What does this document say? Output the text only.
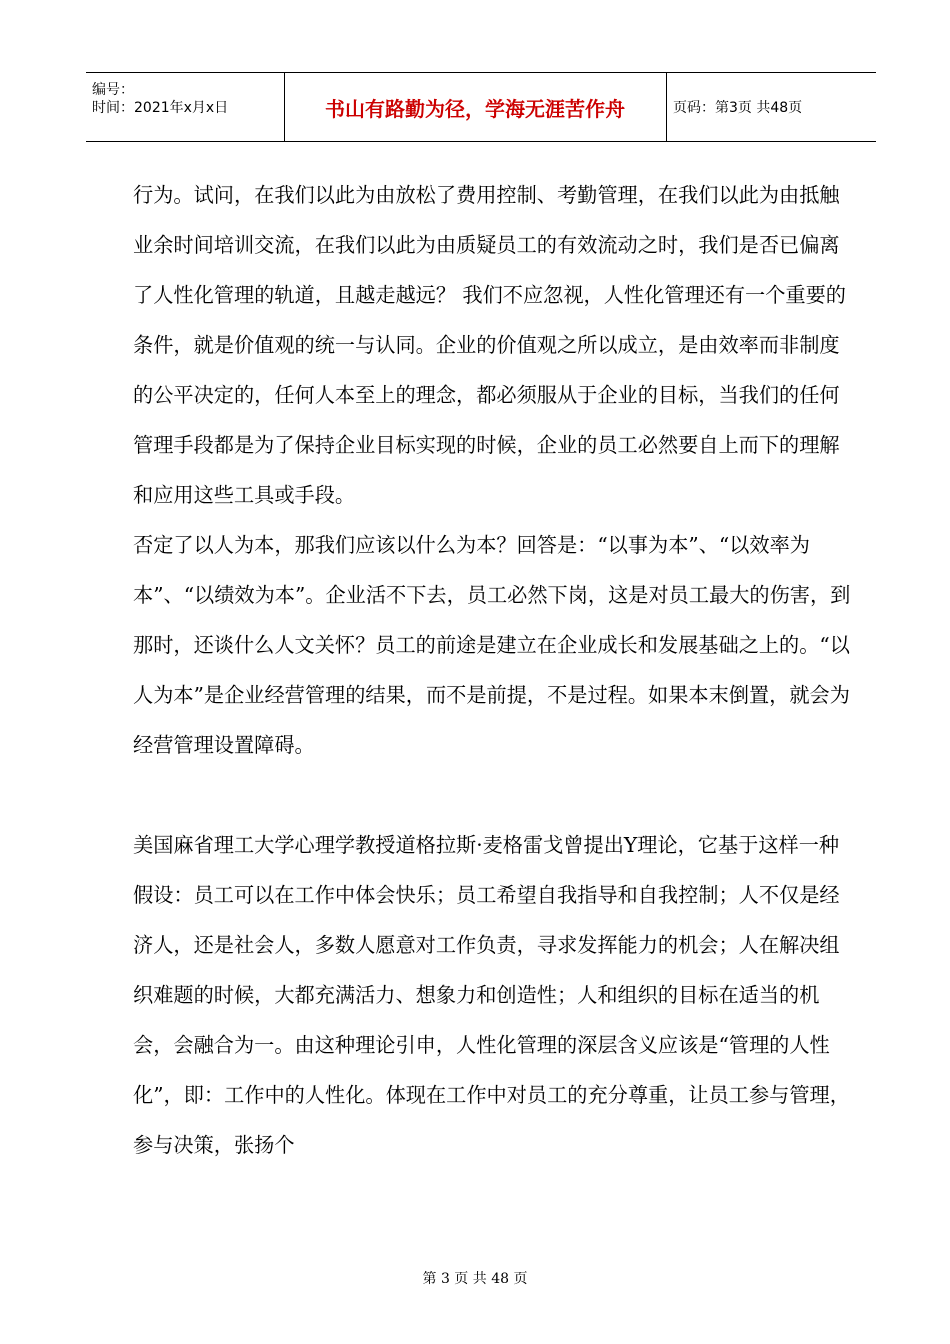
编号：
时间：2021年x月x日	书山有路勤为径，学海无涯苦作舟	页码：第3页 共48页

行为。试问，在我们以此为由放松了费用控制、考勤管理，在我们以此为由抵触业余时间培训交流，在我们以此为由质疑员工的有效流动之时，我们是否已偏离了人性化管理的轨道，且越走越远？ 我们不应忽视，人性化管理还有一个重要的条件，就是价值观的统一与认同。企业的价值观之所以成立，是由效率而非制度的公平决定的，任何人本至上的理念，都必须服从于企业的目标，当我们的任何管理手段都是为了保持企业目标实现的时候，企业的员工必然要自上而下的理解和应用这些工具或手段。

否定了以人为本，那我们应该以什么为本？回答是：“以事为本”、“以效率为本”、“以绩效为本”。企业活不下去，员工必然下岗，这是对员工最大的伤害，到那时，还谈什么人文关怀？员工的前途是建立在企业成长和发展基础之上的。“以人为本”是企业经营管理的结果，而不是前提，不是过程。如果本末倒置，就会为经营管理设置障碍。

美国麻省理工大学心理学教授道格拉斯·麦格雷戈曾提出Y理论，它基于这样一种假设：员工可以在工作中体会快乐；员工希望自我指导和自我控制；人不仅是经济人，还是社会人，多数人愿意对工作负责，寻求发挥能力的机会；人在解决组织难题的时候，大都充满活力、想象力和创造性；人和组织的目标在适当的机会，会融合为一。由这种理论引申，人性化管理的深层含义应该是“管理的人性化”，即：工作中的人性化。体现在工作中对员工的充分尊重，让员工参与管理，参与决策，张扬个

第 3 页 共 48 页
